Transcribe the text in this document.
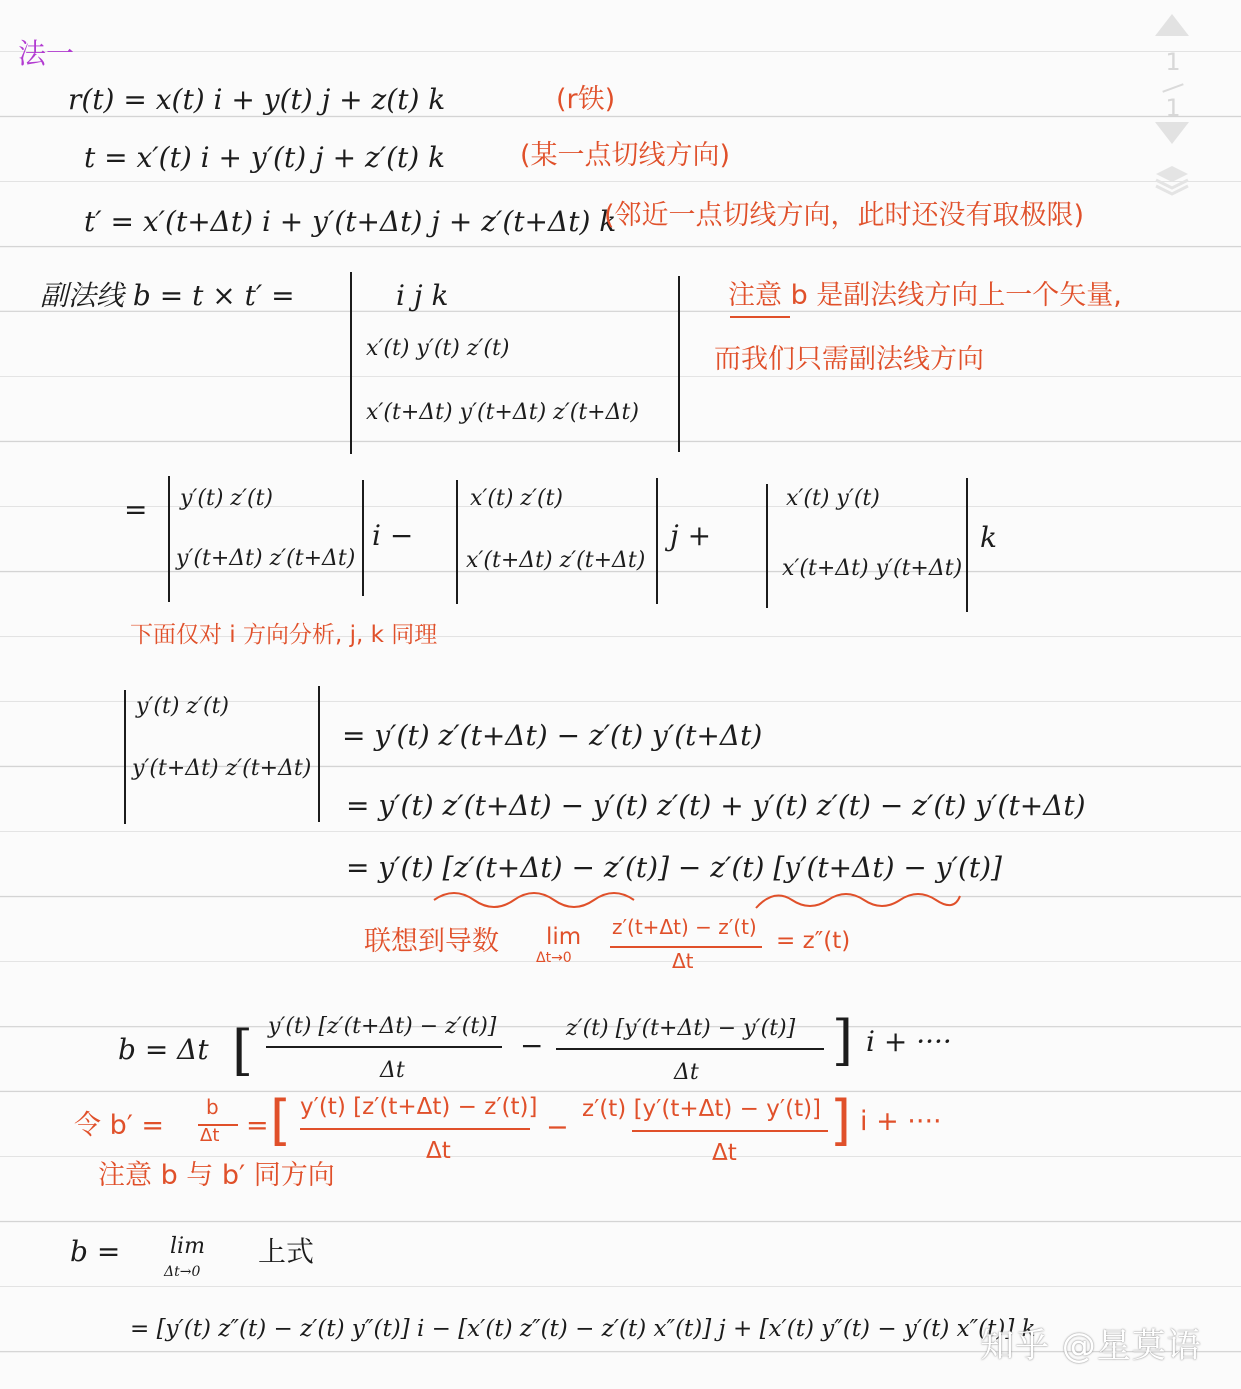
法一
r(t) = x(t) i + y(t) j + z(t) k	(r铁)
t = x′(t) i + y′(t) j + z′(t) k	(某一点切线方向)
t′ = x′(t+Δt) i + y′(t+Δt) j + z′(t+Δt) k
(邻近一点切线方向，此时还没有取极限)
副法线 b = t × t′ =	i j k
x′(t) y′(t) z′(t)
x′(t+Δt) y′(t+Δt) z′(t+Δt)
注意 b 是副法线方向上一个矢量,
而我们只需副法线方向
= y′(t) z′(t)
y′(t+Δt) z′(t+Δt)
i −
x′(t) z′(t)
x′(t+Δt) z′(t+Δt)
j +
x′(t) y′(t)
x′(t+Δt) y′(t+Δt)
k
下面仅对 i 方向分析, j, k 同理
y′(t) z′(t)
y′(t+Δt) z′(t+Δt)
= y′(t) z′(t+Δt) − z′(t) y′(t+Δt)
= y′(t) z′(t+Δt) − y′(t) z′(t) + y′(t) z′(t) − z′(t) y′(t+Δt)
= y′(t) [z′(t+Δt) − z′(t)] − z′(t) [y′(t+Δt) − y′(t)]
联想到导数 lim
Δt→0
z′(t+Δt) − z′(t)
Δt
= z″(t)
b = Δt [ y′(t) [z′(t+Δt) − z′(t)]
Δt
−
z′(t) [y′(t+Δt) − y′(t)]
Δt
] i + ····
令 b′ =
b
Δt = [ y′(t) [z′(t+Δt) − z′(t)]
Δt
−
z′(t) [y′(t+Δt) − y′(t)]
Δt
] i + ····
注意 b 与 b′ 同方向
b = lim
Δt→0
上式
= [y′(t) z″(t) − z′(t) y″(t)] i − [x′(t) z″(t) − z′(t) x″(t)] j + [x′(t) y″(t) − y′(t) x″(t)] k
1
1
知乎 @星莫语
